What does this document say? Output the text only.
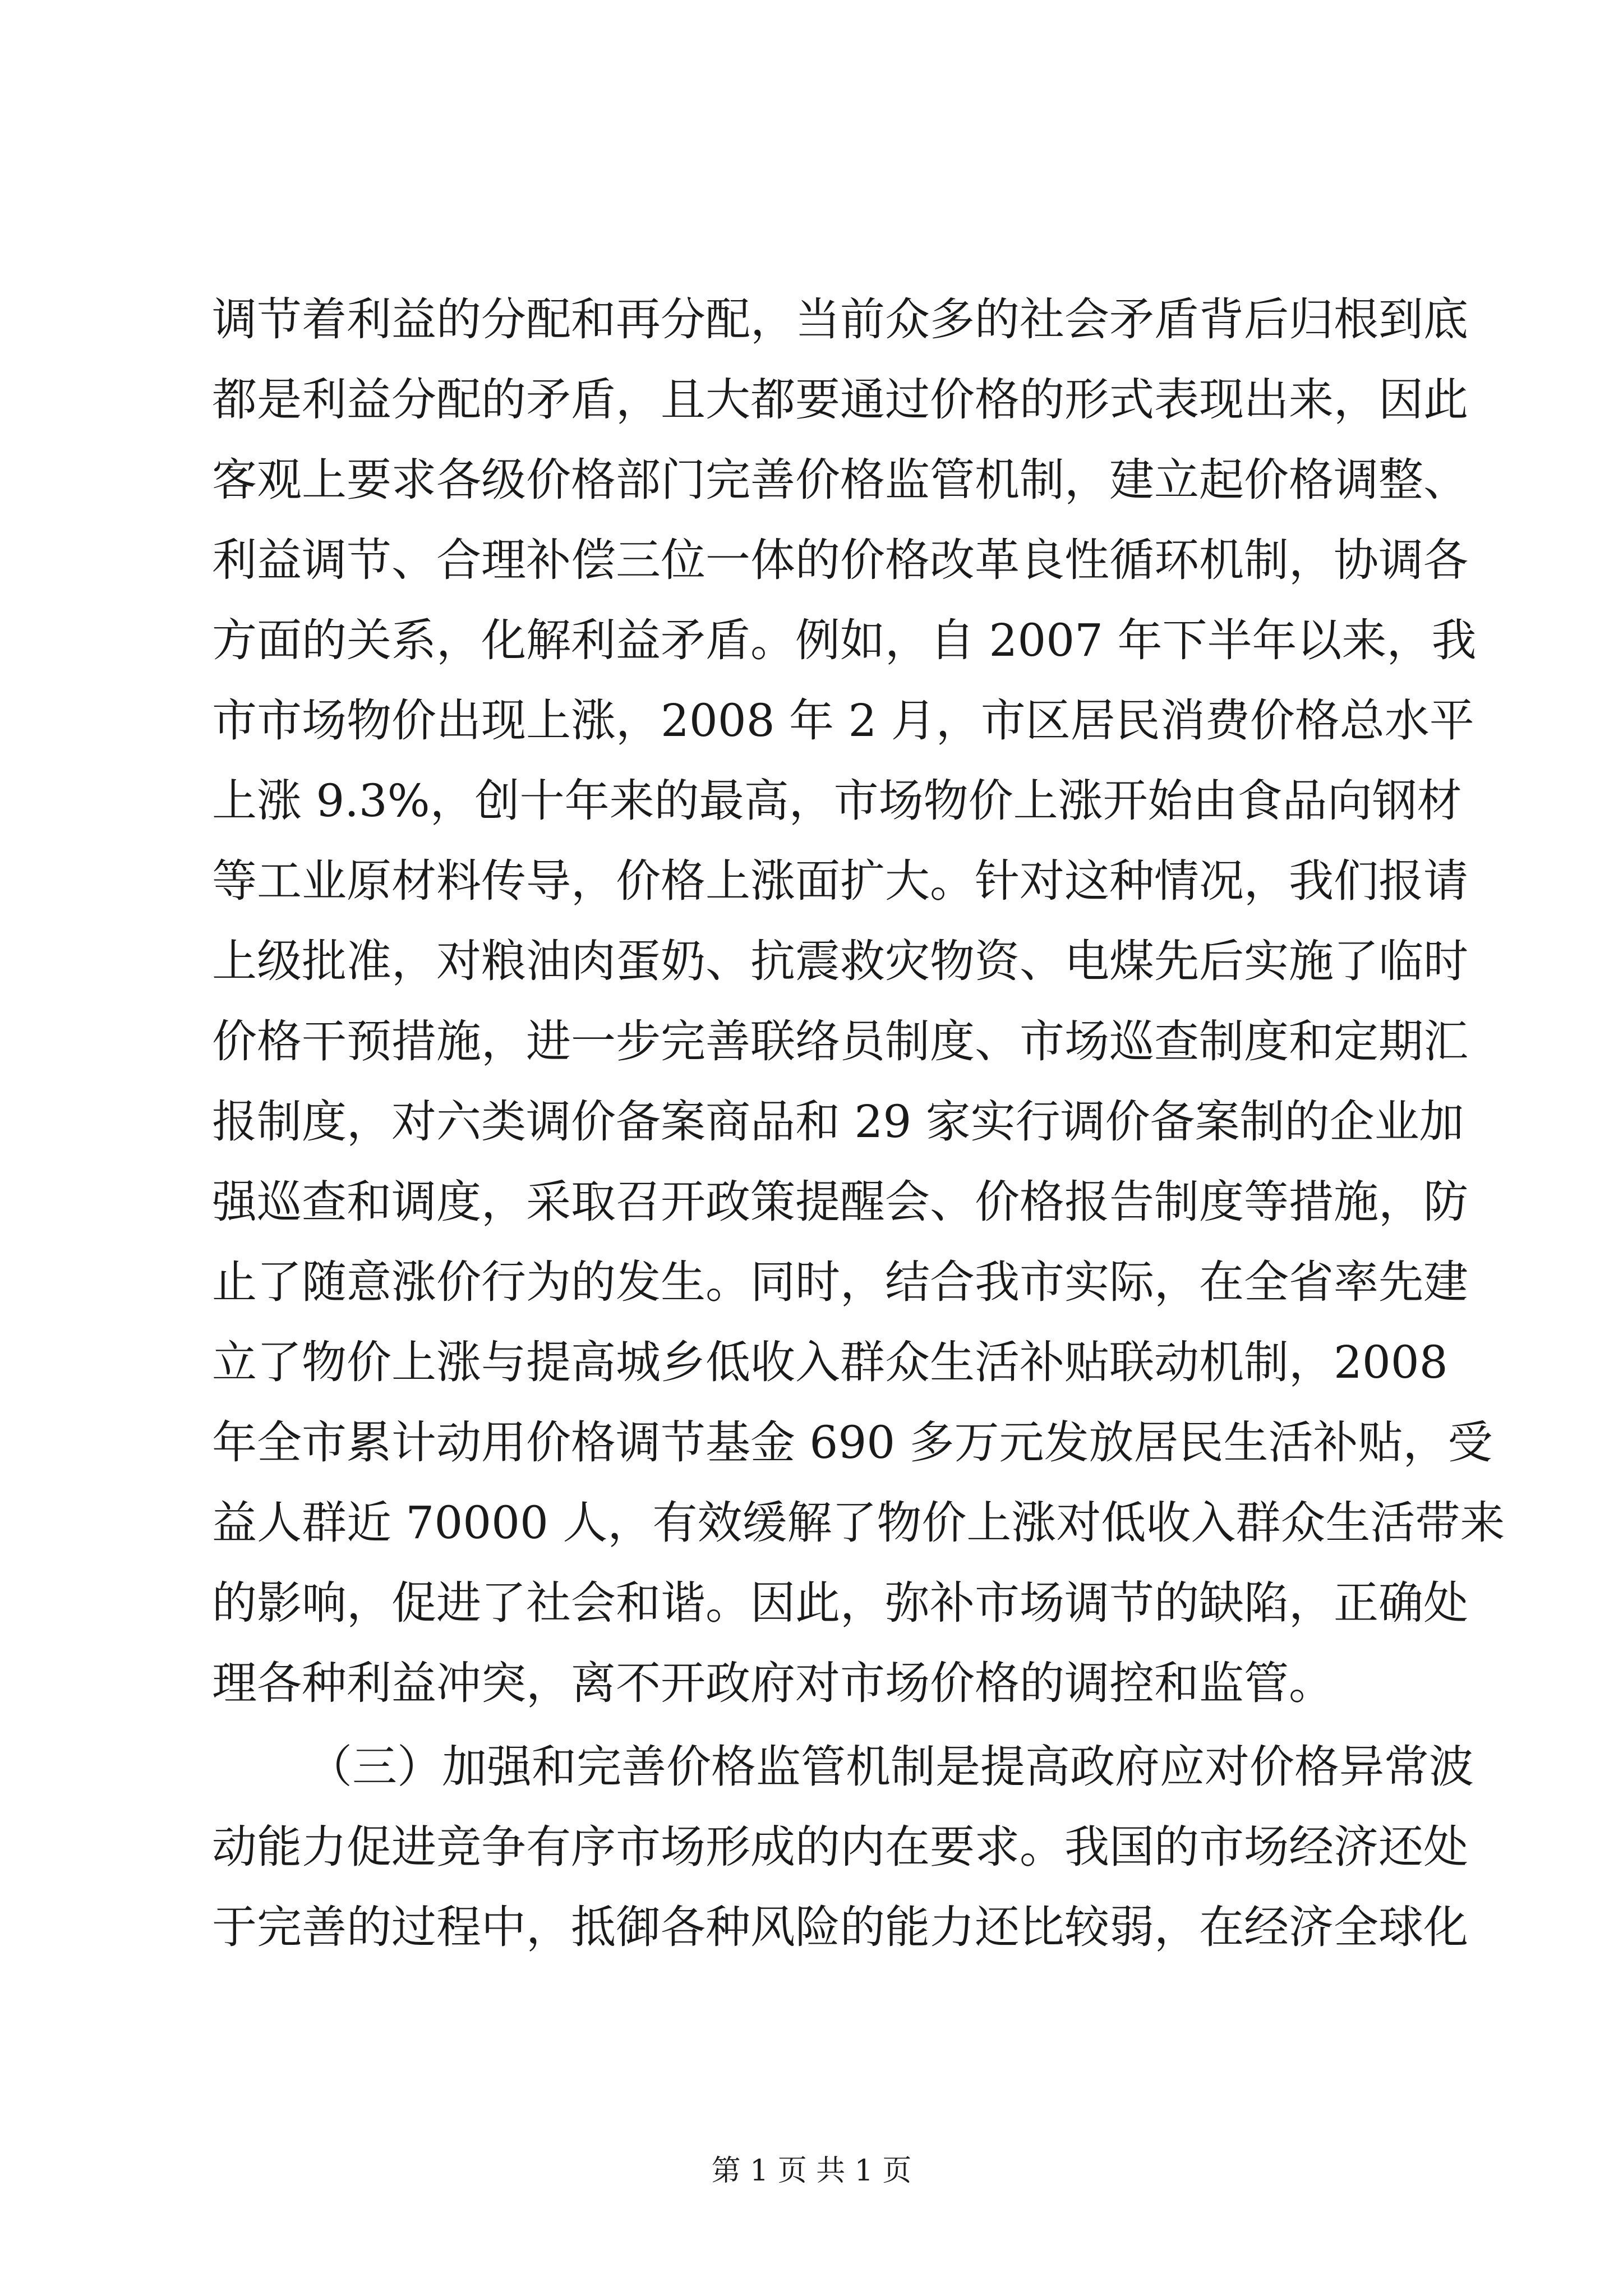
调节着利益的分配和再分配，当前众多的社会矛盾背后归根到底
都是利益分配的矛盾，且大都要通过价格的形式表现出来，因此
客观上要求各级价格部门完善价格监管机制，建立起价格调整、
利益调节、合理补偿三位一体的价格改革良性循环机制，协调各
方面的关系，化解利益矛盾。例如，自 2007 年下半年以来，我
市市场物价出现上涨，2008 年 2 月，市区居民消费价格总水平
上涨 9.3%，创十年来的最高，市场物价上涨开始由食品向钢材
等工业原材料传导，价格上涨面扩大。针对这种情况，我们报请
上级批准，对粮油肉蛋奶、抗震救灾物资、电煤先后实施了临时
价格干预措施，进一步完善联络员制度、市场巡查制度和定期汇
报制度，对六类调价备案商品和 29 家实行调价备案制的企业加
强巡查和调度，采取召开政策提醒会、价格报告制度等措施，防
止了随意涨价行为的发生。同时，结合我市实际，在全省率先建
立了物价上涨与提高城乡低收入群众生活补贴联动机制，2008
年全市累计动用价格调节基金 690 多万元发放居民生活补贴，受
益人群近 70000 人，有效缓解了物价上涨对低收入群众生活带来
的影响，促进了社会和谐。因此，弥补市场调节的缺陷，正确处
理各种利益冲突，离不开政府对市场价格的调控和监管。
（三）加强和完善价格监管机制是提高政府应对价格异常波
动能力促进竞争有序市场形成的内在要求。我国的市场经济还处
于完善的过程中，抵御各种风险的能力还比较弱，在经济全球化
第 1 页 共 1 页
